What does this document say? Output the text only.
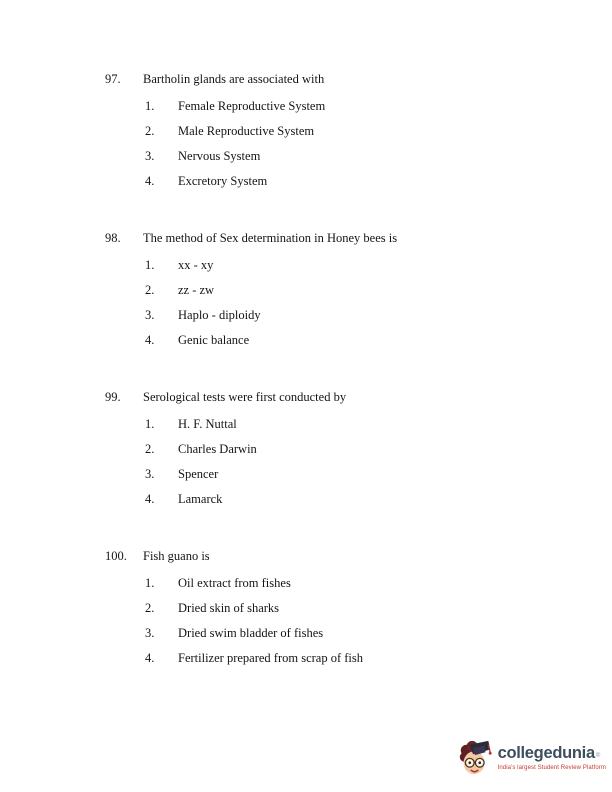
97.	Bartholin glands are associated with
1.	Female Reproductive System
2.	Male Reproductive System
3.	Nervous System
4.	Excretory System
98.	The method of Sex determination in Honey bees is
1.	xx - xy
2.	zz - zw
3.	Haplo - diploidy
4.	Genic balance
99.	Serological tests were first conducted by
1.	H. F. Nuttal
2.	Charles Darwin
3.	Spencer
4.	Lamarck
100.	Fish guano is
1.	Oil extract from fishes
2.	Dried skin of sharks
3.	Dried swim bladder of fishes
4.	Fertilizer prepared from scrap of fish
collegedunia ®
India's largest Student Review Platform
